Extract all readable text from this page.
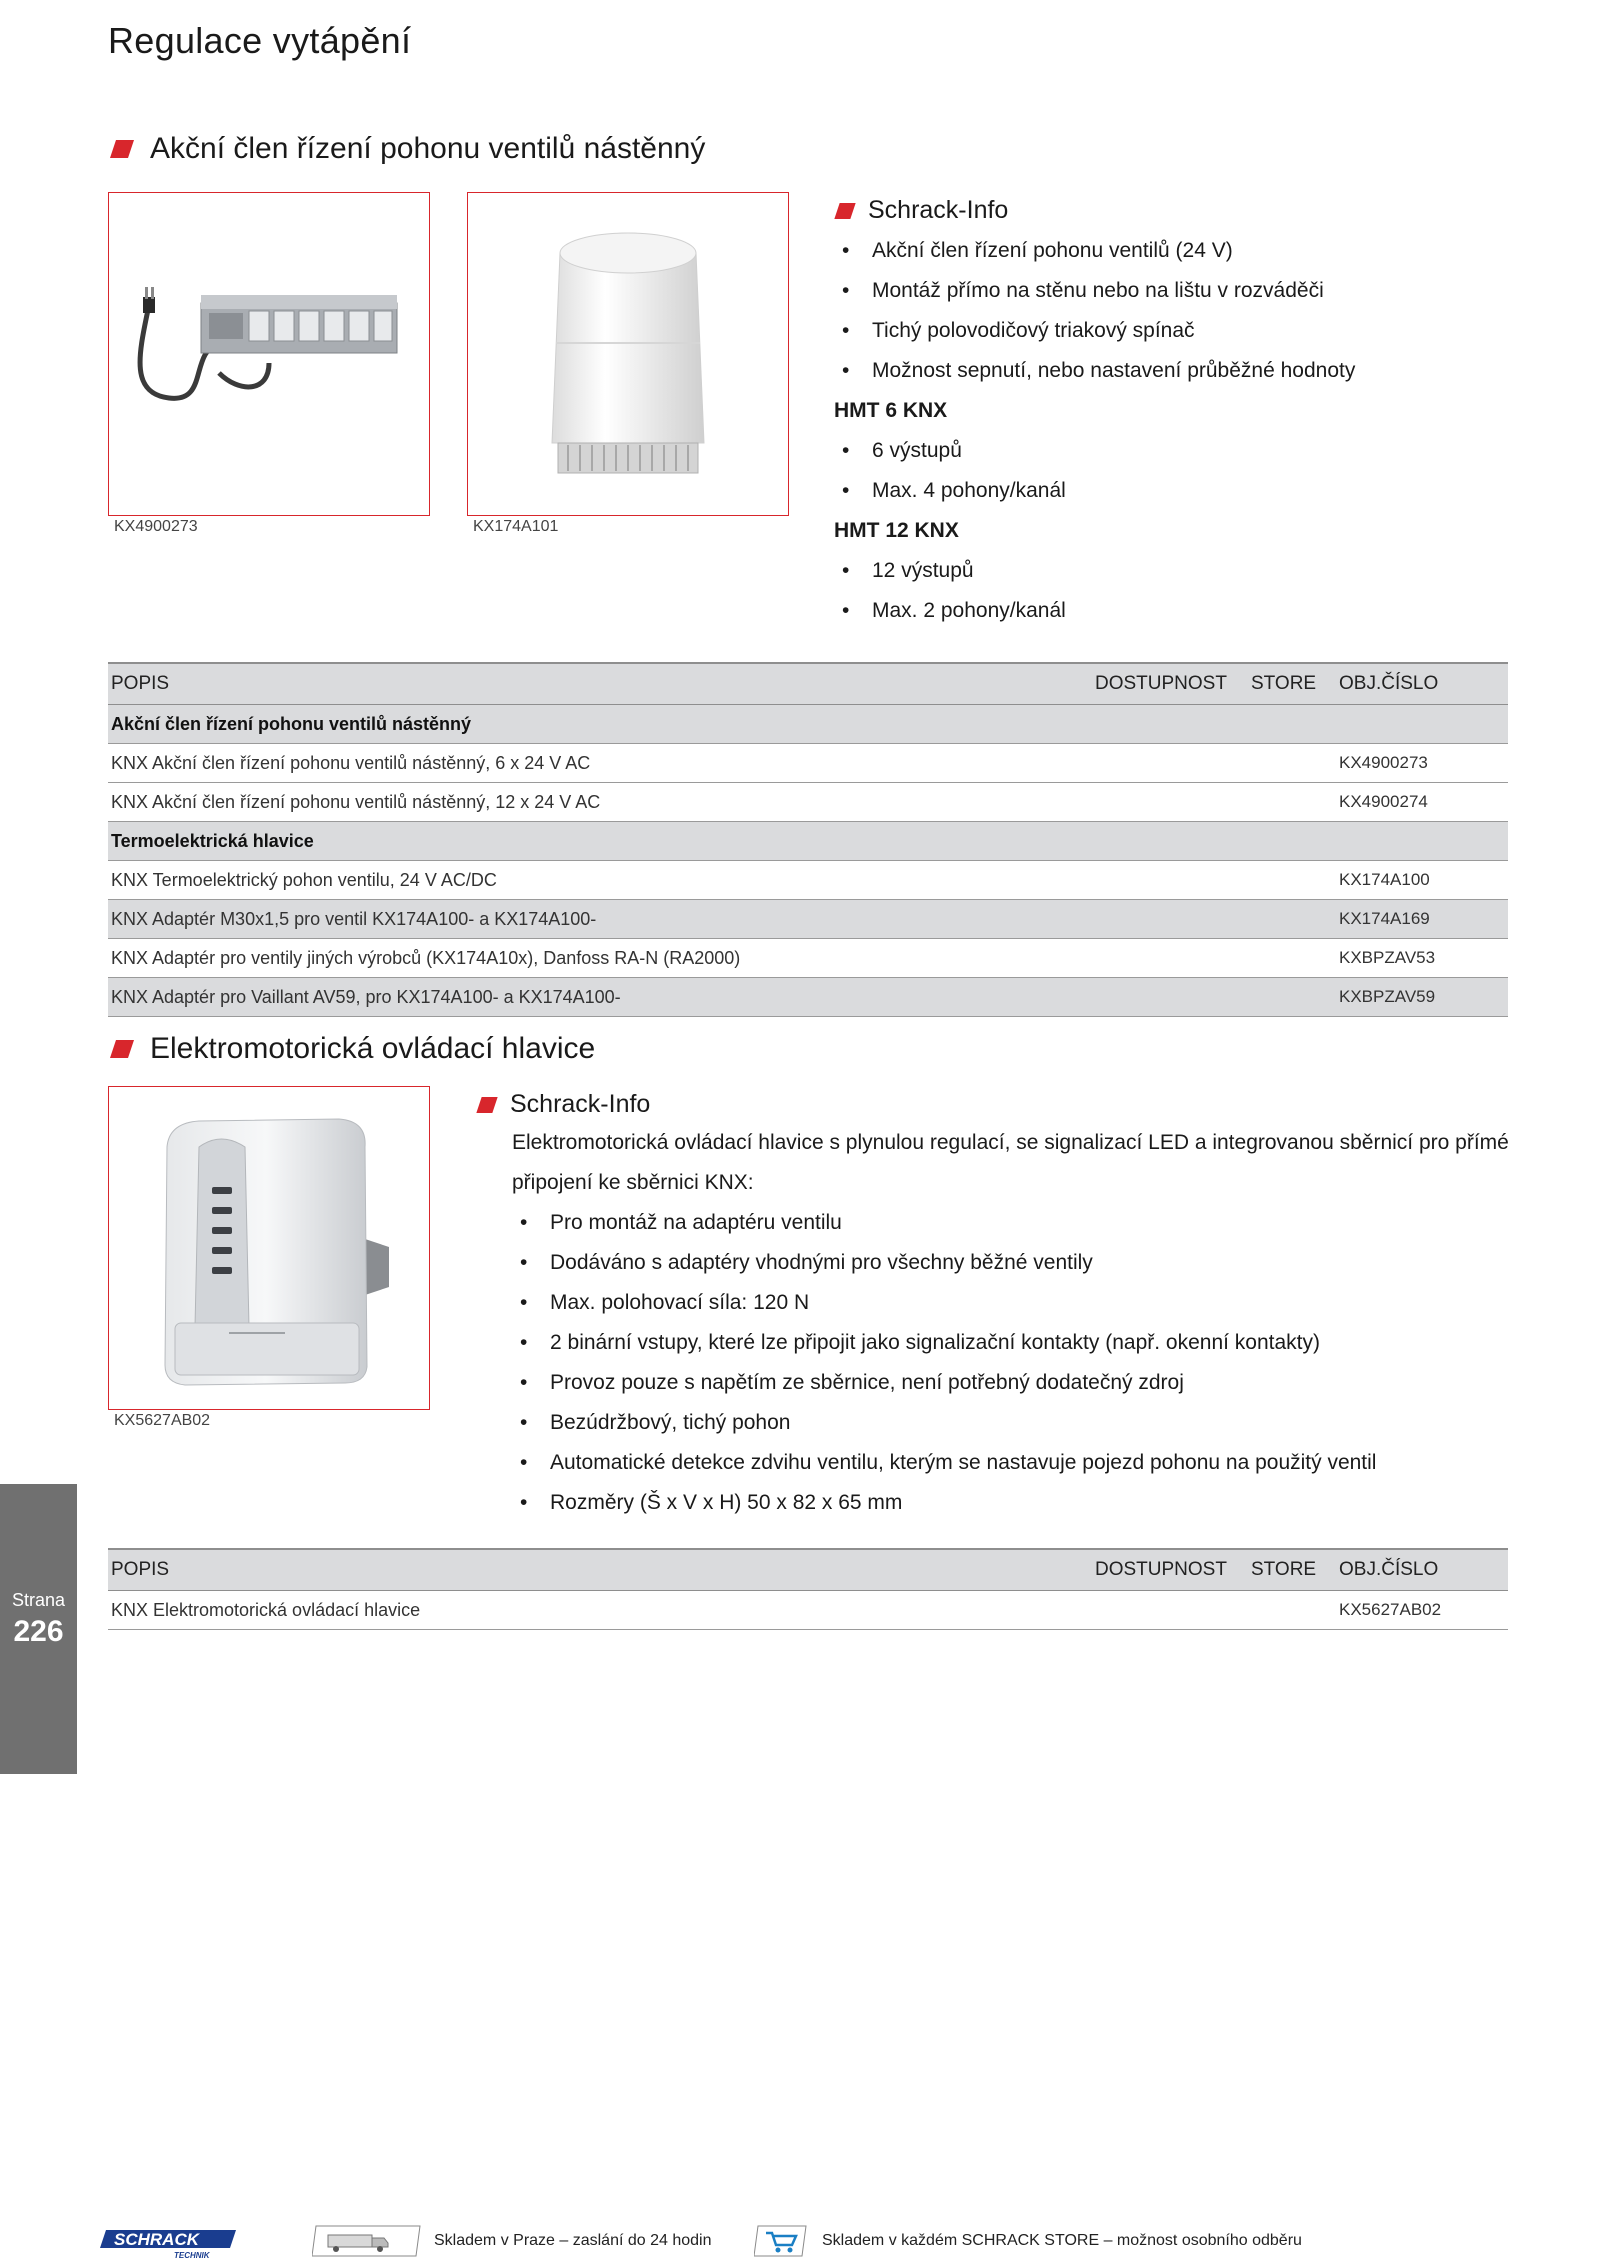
Regulace vytápění
Akční člen řízení pohonu ventilů nástěnný
KX4900273	KX174A101
Schrack-Info
• Akční člen řízení pohonu ventilů (24 V)
• Montáž přímo na stěnu nebo na lištu v rozváděči
• Tichý polovodičový triakový spínač
• Možnost sepnutí, nebo nastavení průběžné hodnoty

HMT 6 KNX

• 6 výstupů
• Max. 4 pohony/kanál

HMT 12 KNX

• 12 výstupů
• Max. 2 pohony/kanál
POPIS	DOSTUPNOST	STORE	OBJ.ČÍSLO
Akční člen řízení pohonu ventilů nástěnný			
KNX Akční člen řízení pohonu ventilů nástěnný, 6 x 24 V AC			KX4900273
KNX Akční člen řízení pohonu ventilů nástěnný, 12 x 24 V AC			KX4900274
Termoelektrická hlavice			
KNX Termoelektrický pohon ventilu, 24 V AC/DC			KX174A100
KNX Adaptér M30x1,5 pro ventil KX174A100- a KX174A100-			KX174A169
KNX Adaptér pro ventily jiných výrobců (KX174A10x), Danfoss RA-N (RA2000)			KXBPZAV53
KNX Adaptér pro Vaillant AV59, pro KX174A100- a KX174A100-			KXBPZAV59
Elektromotorická ovládací hlavice
KX5627AB02
Schrack-Info

Elektromotorická ovládací hlavice s plynulou regulací, se signalizací LED a integrovanou sběrnicí pro přímé připojení ke sběrnici KNX:

• Pro montáž na adaptéru ventilu
• Dodáváno s adaptéry vhodnými pro všechny běžné ventily
• Max. polohovací síla: 120 N
• 2 binární vstupy, které lze připojit jako signalizační kontakty (např. okenní kontakty)
• Provoz pouze s napětím ze sběrnice, není potřebný dodatečný zdroj
• Bezúdržbový, tichý pohon
• Automatické detekce zdvihu ventilu, kterým se nastavuje pojezd pohonu na použitý ventil
• Rozměry (Š x V x H) 50 x 82 x 65 mm
POPIS	DOSTUPNOST	STORE	OBJ.ČÍSLO
KNX Elektromotorická ovládací hlavice			KX5627AB02
Strana
226
SCHRACK
TECHNIK
Skladem v Praze – zaslání do 24 hodin	Skladem v každém SCHRACK STORE – možnost osobního odběru
